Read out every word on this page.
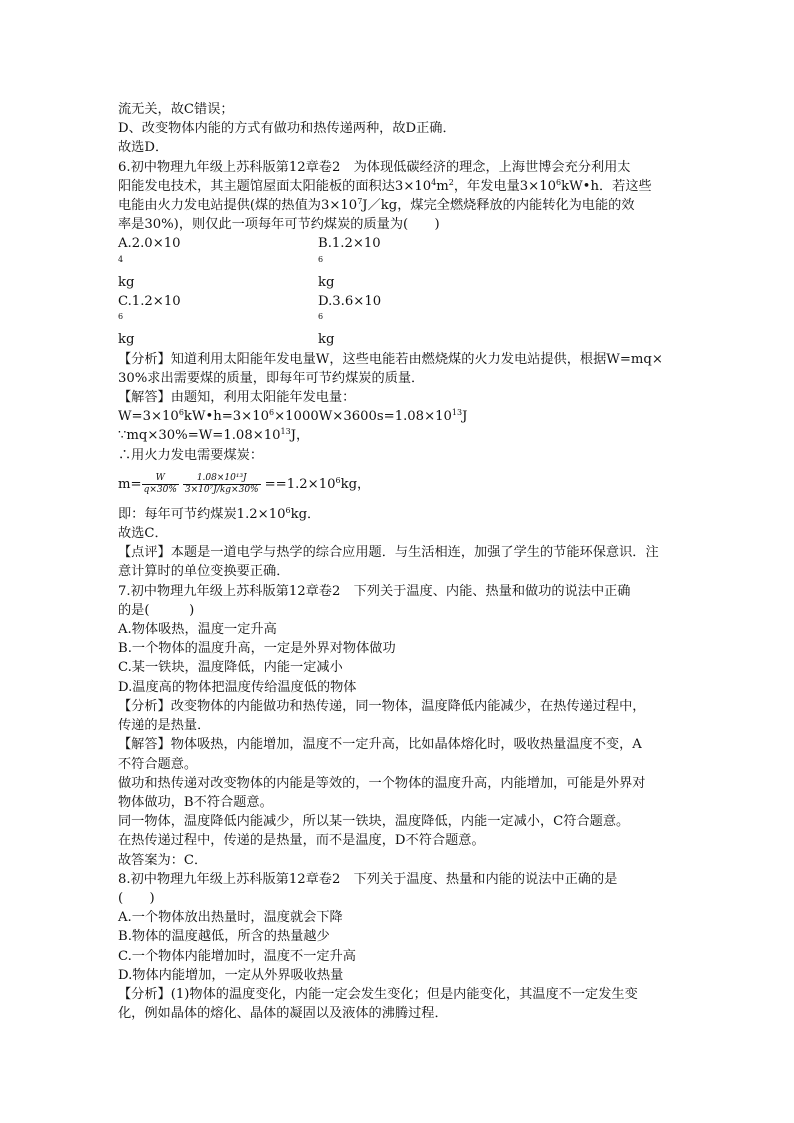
流无关，故C错误；
D、改变物体内能的方式有做功和热传递两种，故D正确．
故选D．
6.初中物理九年级上苏科版第12章卷2　为体现低碳经济的理念，上海世博会充分利用太
阳能发电技术，其主题馆屋面太阳能板的面积达$3\times 10^4m^2$，年发电量$3\times 10^6kW•h$．若这些
电能由火力发电站提供(煤的热值为$3\times 10^7J/kg$，煤完全燃烧释放的内能转化为电能的效
率是30%)，则仅此一项每年可节约煤炭的质量为(　　)
A.2.0×10
$^4$
kg
B.1.2×10
$^6$
kg
C.1.2×10
$^6$
kg
D.3.6×10
$^6$
kg
【分析】知道利用太阳能年发电量W，这些电能若由燃烧煤的火力发电站提供，根据W=mq×
30%求出需要煤的质量，即每年可节约煤炭的质量．
【解答】由题知，利用太阳能年发电量：
$W=3\times 10^6kW•h=3\times 10^6\times 1000W\times 3600s=1.08\times 10^{13}J$
$\because mq\times 30\%=W=1.08\times 10^{13}J$，
∴用火力发电需要煤炭：
$m= \frac{W}{q\times 30\%} \frac{\text{1.08×10¹³J}}{\text{3×10⁷J/kg×30\%}} ==1.2\times 10^6kg$，
即：每年可节约煤炭$1.2\times 10^6kg$．
故选C．
【点评】本题是一道电学与热学的综合应用题．与生活相连，加强了学生的节能环保意识．注
意计算时的单位变换要正确．
7.初中物理九年级上苏科版第12章卷2　下列关于温度、内能、热量和做功的说法中正确
的是(　　　)
A.物体吸热，温度一定升高
B.一个物体的温度升高，一定是外界对物体做功
C.某一铁块，温度降低，内能一定减小
D.温度高的物体把温度传给温度低的物体
【分析】改变物体的内能做功和热传递，同一物体，温度降低内能减少，在热传递过程中，
传递的是热量．
【解答】物体吸热，内能增加，温度不一定升高，比如晶体熔化时，吸收热量温度不变，A
不符合题意。
做功和热传递对改变物体的内能是等效的，一个物体的温度升高，内能增加，可能是外界对
物体做功，B不符合题意。
同一物体，温度降低内能减少，所以某一铁块，温度降低，内能一定减小，C符合题意。
在热传递过程中，传递的是热量，而不是温度，D不符合题意。
故答案为：C．
8.初中物理九年级上苏科版第12章卷2　下列关于温度、热量和内能的说法中正确的是
(　　)
A.一个物体放出热量时，温度就会下降
B.物体的温度越低，所含的热量越少
C.一个物体内能增加时，温度不一定升高
D.物体内能增加，一定从外界吸收热量
【分析】(1)物体的温度变化，内能一定会发生变化；但是内能变化，其温度不一定发生变
化，例如晶体的熔化、晶体的凝固以及液体的沸腾过程．
